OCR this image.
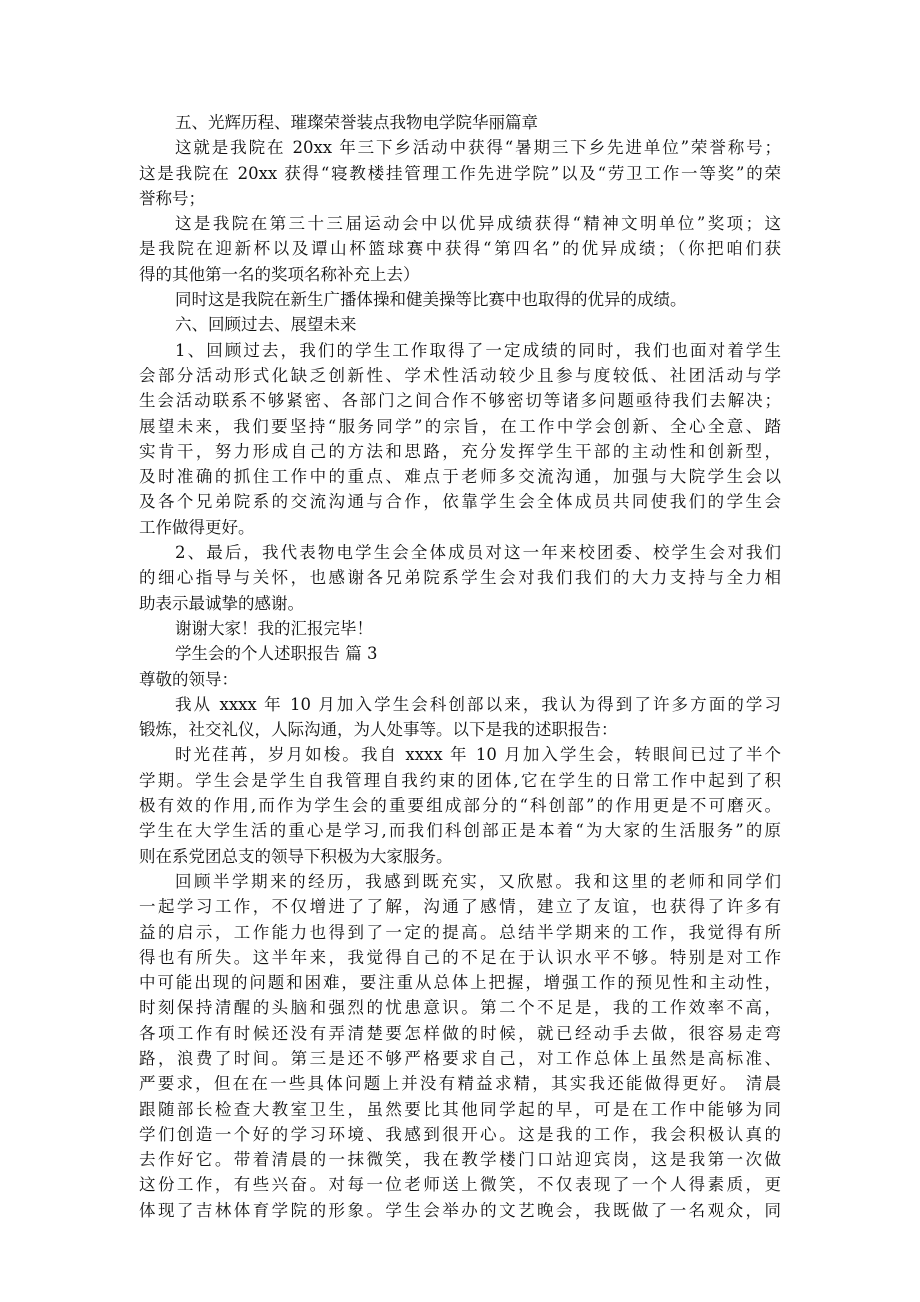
五、光辉历程、璀璨荣誉装点我物电学院华丽篇章
这就是我院在 20xx 年三下乡活动中获得“暑期三下乡先进单位”荣誉称号；
这是我院在 20xx 获得“寝教楼挂管理工作先进学院”以及“劳卫工作一等奖”的荣
誉称号；
这是我院在第三十三届运动会中以优异成绩获得“精神文明单位”奖项；这
是我院在迎新杯以及谭山杯篮球赛中获得“第四名”的优异成绩；（你把咱们获
得的其他第一名的奖项名称补充上去）
同时这是我院在新生广播体操和健美操等比赛中也取得的优异的成绩。
六、回顾过去、展望未来
1、回顾过去，我们的学生工作取得了一定成绩的同时，我们也面对着学生
会部分活动形式化缺乏创新性、学术性活动较少且参与度较低、社团活动与学
生会活动联系不够紧密、各部门之间合作不够密切等诸多问题亟待我们去解决；
展望未来，我们要坚持“服务同学”的宗旨，在工作中学会创新、全心全意、踏
实肯干，努力形成自己的方法和思路，充分发挥学生干部的主动性和创新型，
及时准确的抓住工作中的重点、难点于老师多交流沟通，加强与大院学生会以
及各个兄弟院系的交流沟通与合作，依靠学生会全体成员共同使我们的学生会
工作做得更好。
2、最后，我代表物电学生会全体成员对这一年来校团委、校学生会对我们
的细心指导与关怀，也感谢各兄弟院系学生会对我们我们的大力支持与全力相
助表示最诚挚的感谢。
谢谢大家！我的汇报完毕！
学生会的个人述职报告 篇 3
尊敬的领导：
我从 xxxx 年 10 月加入学生会科创部以来，我认为得到了许多方面的学习
锻炼，社交礼仪，人际沟通，为人处事等。以下是我的述职报告：
时光荏苒，岁月如梭。我自 xxxx 年 10 月加入学生会，转眼间已过了半个
学期。学生会是学生自我管理自我约束的团体,它在学生的日常工作中起到了积
极有效的作用,而作为学生会的重要组成部分的“科创部”的作用更是不可磨灭。
学生在大学生活的重心是学习,而我们科创部正是本着“为大家的生活服务”的原
则在系党团总支的领导下积极为大家服务。
回顾半学期来的经历，我感到既充实，又欣慰。我和这里的老师和同学们
一起学习工作，不仅增进了了解，沟通了感情，建立了友谊，也获得了许多有
益的启示，工作能力也得到了一定的提高。总结半学期来的工作，我觉得有所
得也有所失。这半年来，我觉得自己的不足在于认识水平不够。特别是对工作
中可能出现的问题和困难，要注重从总体上把握，增强工作的预见性和主动性，
时刻保持清醒的头脑和强烈的忧患意识。第二个不足是，我的工作效率不高，
各项工作有时候还没有弄清楚要怎样做的时候，就已经动手去做，很容易走弯
路，浪费了时间。第三是还不够严格要求自己，对工作总体上虽然是高标准、
严要求，但在在一些具体问题上并没有精益求精，其实我还能做得更好。 清晨
跟随部长检查大教室卫生，虽然要比其他同学起的早，可是在工作中能够为同
学们创造一个好的学习环境、我感到很开心。这是我的工作，我会积极认真的
去作好它。带着清晨的一抹微笑，我在教学楼门口站迎宾岗，这是我第一次做
这份工作，有些兴奋。对每一位老师送上微笑，不仅表现了一个人得素质，更
体现了吉林体育学院的形象。学生会举办的文艺晚会，我既做了一名观众，同
